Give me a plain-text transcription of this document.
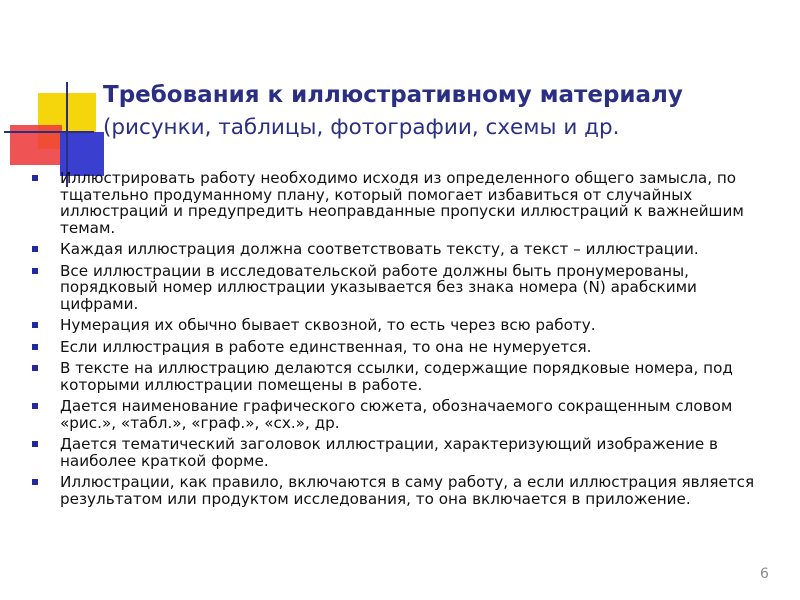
Требования к иллюстративному материалу
(рисунки, таблицы, фотографии, схемы и др.
Иллюстрировать работу необходимо исходя из определенного общего замысла, по тщательно продуманному плану, который помогает избавиться от случайных иллюстраций и предупредить неоправданные пропуски иллюстраций к важнейшим темам.
Каждая иллюстрация должна соответствовать тексту, а текст – иллюстрации.
Все иллюстрации в исследовательской работе должны быть пронумерованы, порядковый номер иллюстрации указывается без знака номера (N) арабскими цифрами.
Нумерация их обычно бывает сквозной, то есть через всю работу.
Если иллюстрация в работе единственная, то она не нумеруется.
В тексте на иллюстрацию делаются ссылки, содержащие порядковые номера, под которыми иллюстрации помещены в работе.
Дается наименование графического сюжета, обозначаемого сокращенным словом «рис.», «табл.», «граф.», «сх.», др.
Дается тематический заголовок иллюстрации, характеризующий изображение в наиболее краткой форме.
Иллюстрации, как правило, включаются в саму работу, а если иллюстрация является результатом или продуктом исследования, то она включается в приложение.
6
